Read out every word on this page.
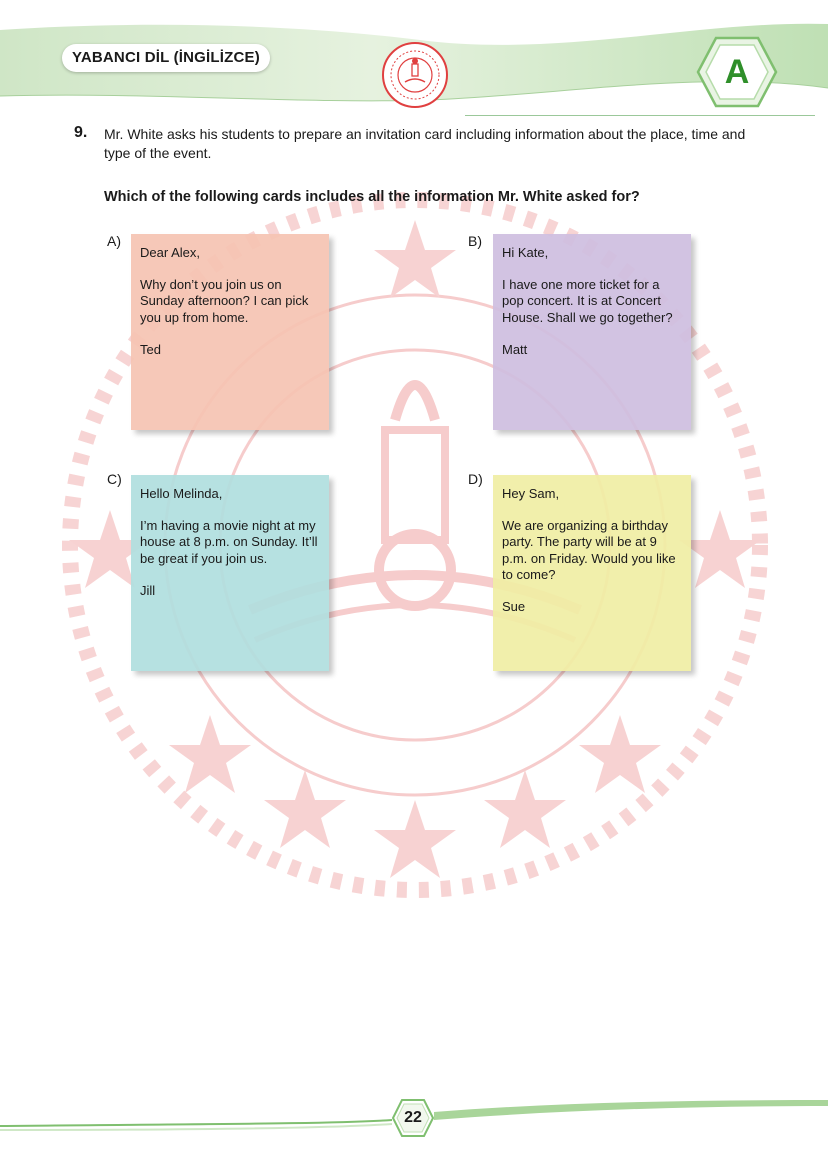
YABANCI DİL (İNGİLİZCE)	A
9. Mr. White asks his students to prepare an invitation card including information about the place, time and type of the event.
Which of the following cards includes all the information Mr. White asked for?
A)

Dear Alex,

Why don’t you join us on Sunday afternoon? I can pick you up from home.

Ted

B)

Hi Kate,

I have one more ticket for a pop concert. It is at Concert House. Shall we go together?

Matt

C)

Hello Melinda,

I’m having a movie night at my house at 8 p.m. on Sunday. It’ll be great if you join us.

Jill

D)

Hey Sam,

We are organizing a birthday party. The party will be at 9 p.m. on Friday. Would you like to come?

Sue

22
